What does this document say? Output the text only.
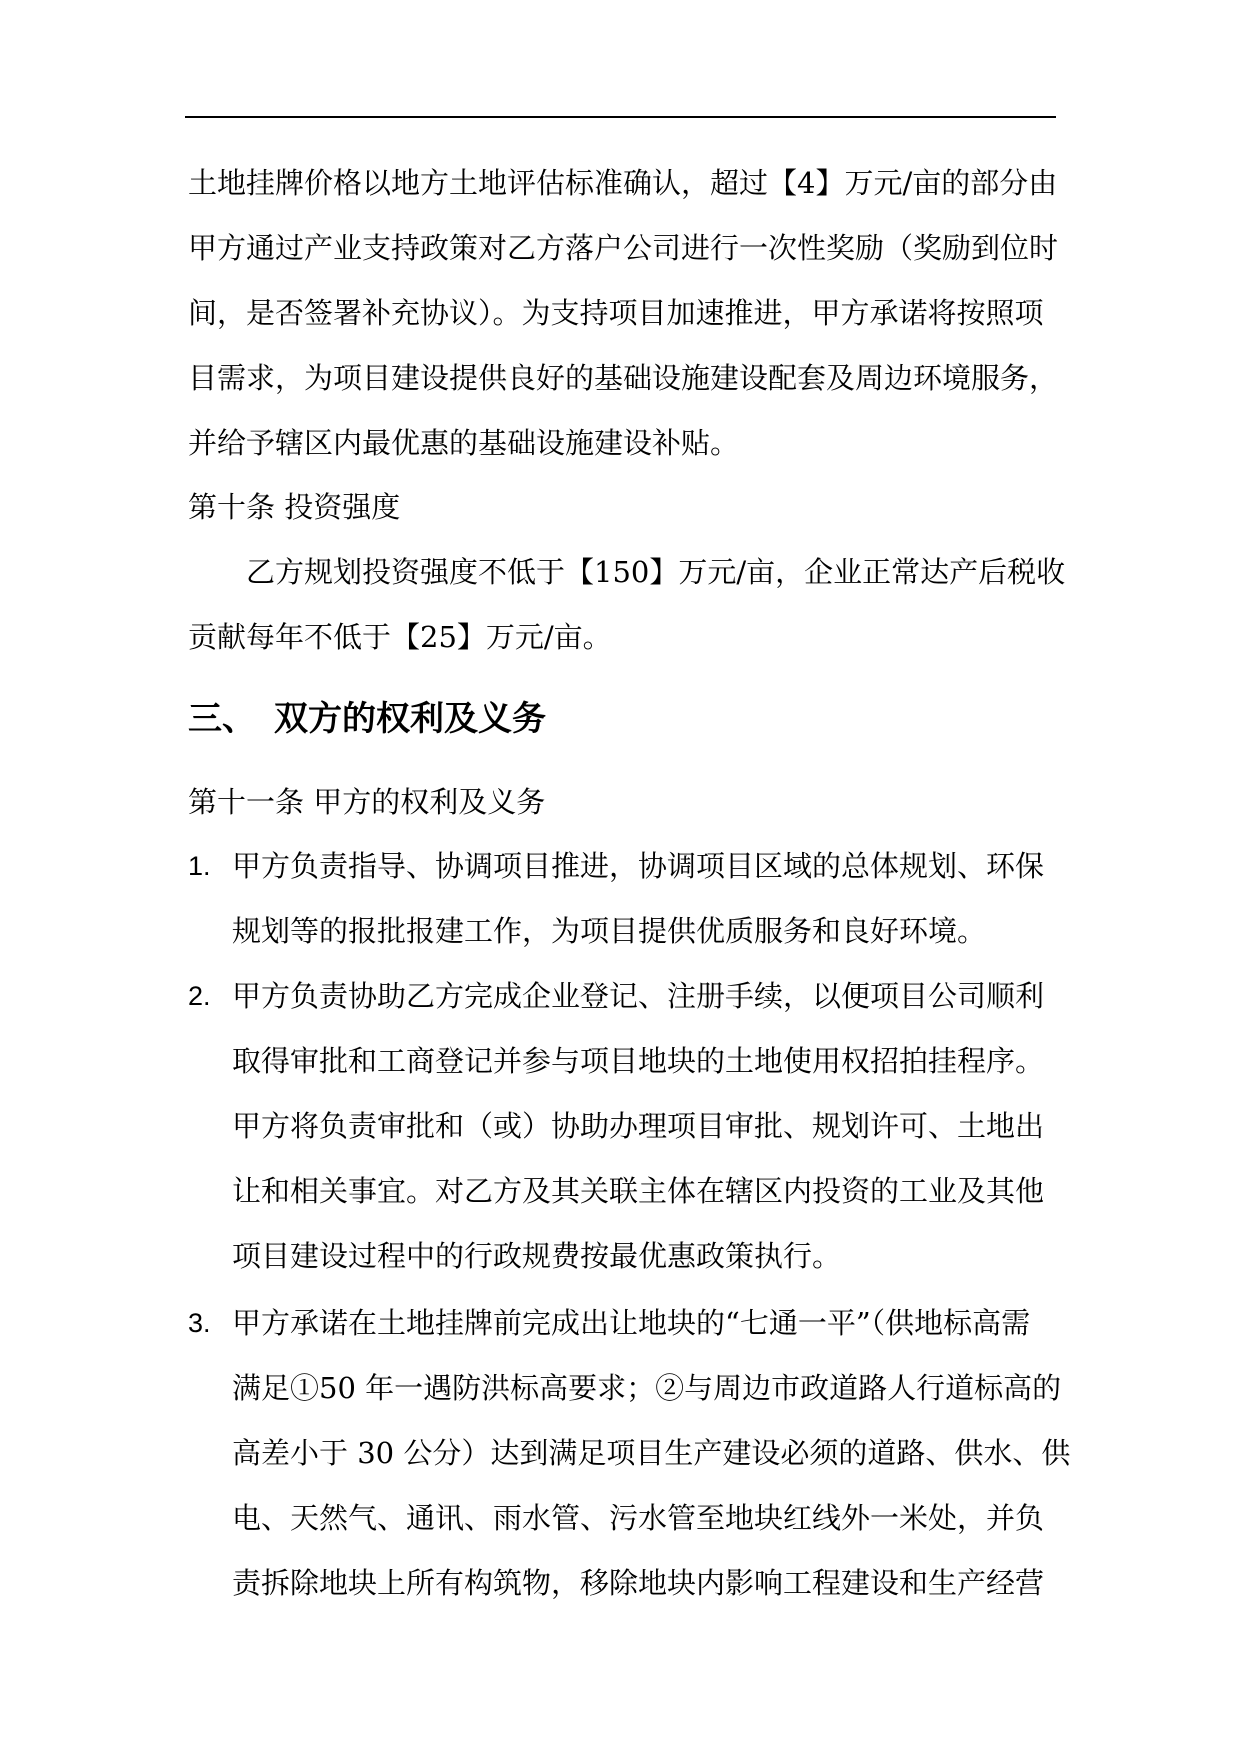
土地挂牌价格以地方土地评估标准确认，超过【4】万元/亩的部分由
甲方通过产业支持政策对乙方落户公司进行一次性奖励（奖励到位时
间，是否签署补充协议）。为支持项目加速推进，甲方承诺将按照项
目需求，为项目建设提供良好的基础设施建设配套及周边环境服务，
并给予辖区内最优惠的基础设施建设补贴。
第十条 投资强度
乙方规划投资强度不低于【150】万元/亩，企业正常达产后税收
贡献每年不低于【25】万元/亩。
三、 双方的权利及义务
第十一条 甲方的权利及义务
1. 甲方负责指导、协调项目推进，协调项目区域的总体规划、环保
规划等的报批报建工作，为项目提供优质服务和良好环境。
2. 甲方负责协助乙方完成企业登记、注册手续，以便项目公司顺利
取得审批和工商登记并参与项目地块的土地使用权招拍挂程序。
甲方将负责审批和（或）协助办理项目审批、规划许可、土地出
让和相关事宜。对乙方及其关联主体在辖区内投资的工业及其他
项目建设过程中的行政规费按最优惠政策执行。
3. 甲方承诺在土地挂牌前完成出让地块的“七通一平”（供地标高需
满足①50 年一遇防洪标高要求；②与周边市政道路人行道标高的
高差小于 30 公分）达到满足项目生产建设必须的道路、供水、供
电、天然气、通讯、雨水管、污水管至地块红线外一米处，并负
责拆除地块上所有构筑物，移除地块内影响工程建设和生产经营
